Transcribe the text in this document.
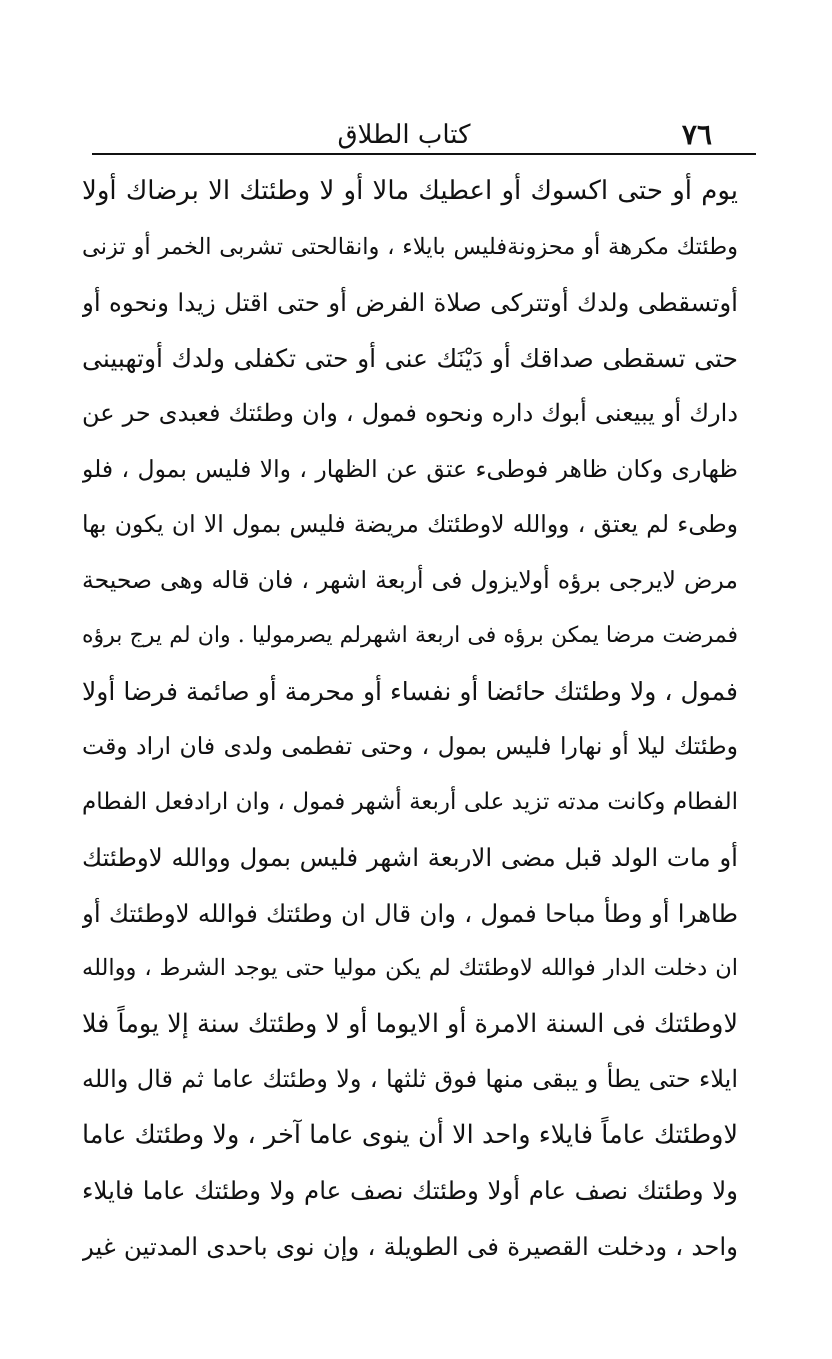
٧٦
كتاب الطلاق
يوم أو حتى اكسوك أو اعطيك مالا أو لا وطئتك الا برضاك أولا
وطئتك مكرهة أو محزونةفليس بايلاء ، وانقالحتى تشربى الخمر أو تزنى
أوتسقطى ولدك أوتتركى صلاة الفرض أو حتى اقتل زيدا ونحوه أو
حتى تسقطى صداقك أو دَيْنَك عنى أو حتى تكفلى ولدك أوتهبينى
دارك أو يبيعنى أبوك داره ونحوه فمول ، وان وطئتك فعبدى حر عن
ظهارى وكان ظاهر فوطىء عتق عن الظهار ، والا فليس بمول ، فلو
وطىء لم يعتق ، ووالله لاوطئتك مريضة فليس بمول الا ان يكون بها
مرض لايرجى برؤه أولايزول فى أربعة اشهر ، فان قاله وهى صحيحة
فمرضت مرضا يمكن برؤه فى اربعة اشهرلم يصرموليا . وان لم يرج برؤه
فمول ، ولا وطئتك حائضا أو نفساء أو محرمة أو صائمة فرضا أولا
وطئتك ليلا أو نهارا فليس بمول ، وحتى تفطمى ولدى فان اراد وقت
الفطام وكانت مدته تزيد على أربعة أشهر فمول ، وان ارادفعل الفطام
أو مات الولد قبل مضى الاربعة اشهر فليس بمول ووالله لاوطئتك
طاهرا أو وطأ مباحا فمول ، وان قال ان وطئتك فوالله لاوطئتك أو
ان دخلت الدار فوالله لاوطئتك لم يكن موليا حتى يوجد الشرط ، ووالله
لاوطئتك فى السنة الامرة أو الايوما أو لا وطئتك سنة إلا يوماً فلا
ايلاء حتى يطأ و يبقى منها فوق ثلثها ، ولا وطئتك عاما ثم قال والله
لاوطئتك عاماً فايلاء واحد الا أن ينوى عاما آخر ، ولا وطئتك عاما
ولا وطئتك نصف عام أولا وطئتك نصف عام ولا وطئتك عاما فايلاء
واحد ، ودخلت القصيرة فى الطويلة ، وإن نوى باحدى المدتين غير
